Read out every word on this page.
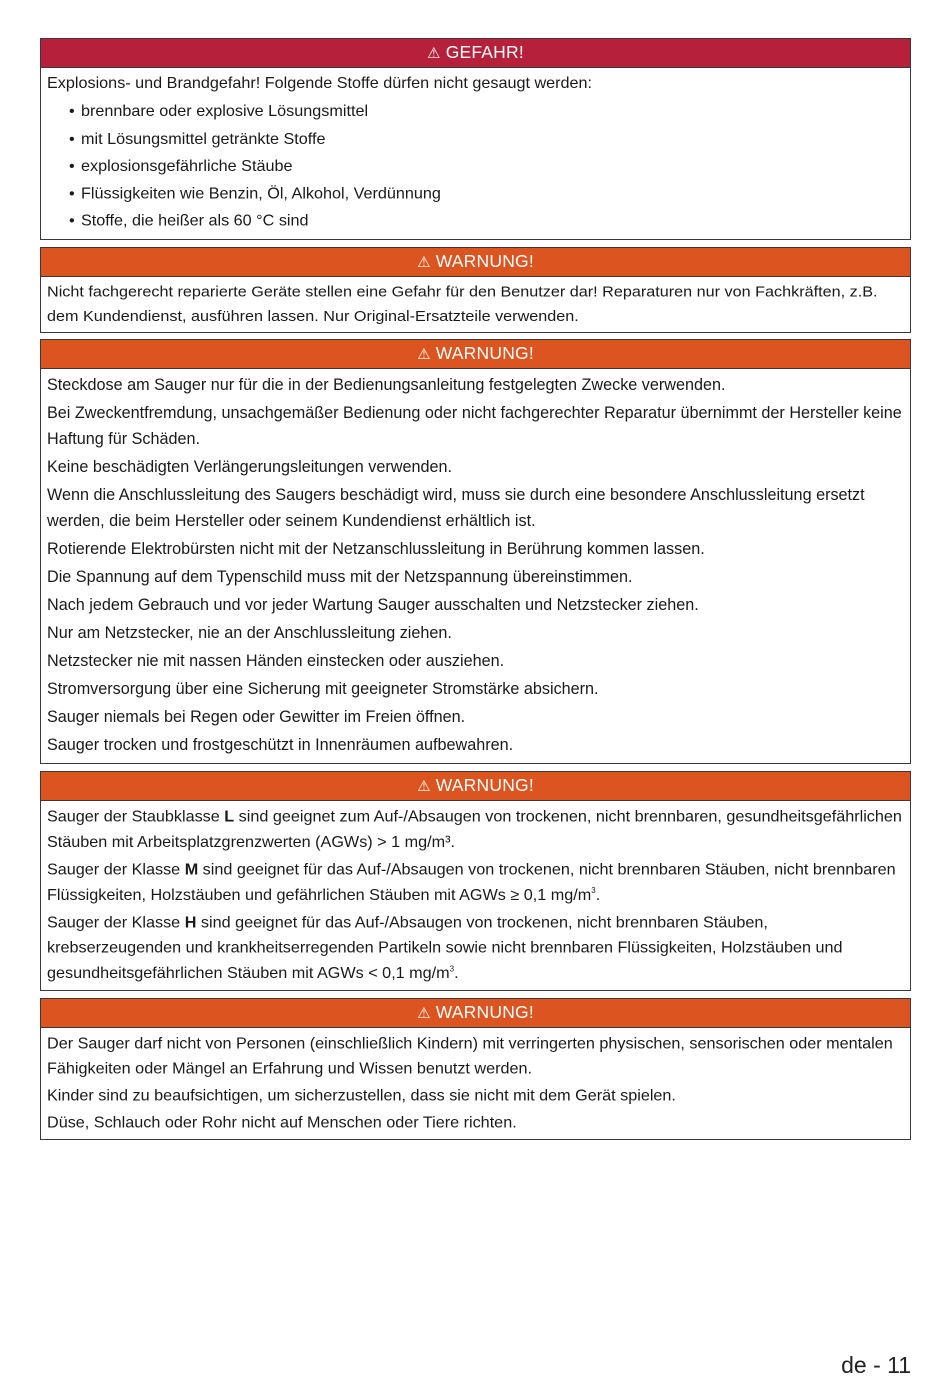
⚠ GEFAHR!

Explosions- und Brandgefahr! Folgende Stoffe dürfen nicht gesaugt werden:

• brennbare oder explosive Lösungsmittel
• mit Lösungsmittel getränkte Stoffe
• explosionsgefährliche Stäube
• Flüssigkeiten wie Benzin, Öl, Alkohol, Verdünnung
• Stoffe, die heißer als 60 °C sind
⚠ WARNUNG!

Nicht fachgerecht reparierte Geräte stellen eine Gefahr für den Benutzer dar! Reparaturen nur von Fachkräften, z.B. dem Kundendienst, ausführen lassen. Nur Original-Ersatzteile verwenden.

⚠ WARNUNG!

Steckdose am Sauger nur für die in der Bedienungsanleitung festgelegten Zwecke verwenden.

Bei Zweckentfremdung, unsachgemäßer Bedienung oder nicht fachgerechter Reparatur übernimmt der Hersteller keine Haftung für Schäden.

Keine beschädigten Verlängerungsleitungen verwenden.

Wenn die Anschlussleitung des Saugers beschädigt wird, muss sie durch eine besondere Anschlussleitung ersetzt werden, die beim Hersteller oder seinem Kundendienst erhältlich ist.

Rotierende Elektrobürsten nicht mit der Netzanschlussleitung in Berührung kommen lassen.

Die Spannung auf dem Typenschild muss mit der Netzspannung übereinstimmen.

Nach jedem Gebrauch und vor jeder Wartung Sauger ausschalten und Netzstecker ziehen.

Nur am Netzstecker, nie an der Anschlussleitung ziehen.

Netzstecker nie mit nassen Händen einstecken oder ausziehen.

Stromversorgung über eine Sicherung mit geeigneter Stromstärke absichern.

Sauger niemals bei Regen oder Gewitter im Freien öffnen.

Sauger trocken und frostgeschützt in Innenräumen aufbewahren.

⚠ WARNUNG!

Sauger der Staubklasse L sind geeignet zum Auf-/Absaugen von trockenen, nicht brennbaren, gesundheitsgefährlichen Stäuben mit Arbeitsplatzgrenzwerten (AGWs) > 1 mg/m³.

Sauger der Klasse M sind geeignet für das Auf-/Absaugen von trockenen, nicht brennbaren Stäuben, nicht brennbaren Flüssigkeiten, Holzstäuben und gefährlichen Stäuben mit AGWs ≥ 0,1 $mg/m^3$.

Sauger der Klasse H sind geeignet für das Auf-/Absaugen von trockenen, nicht brennbaren Stäuben, krebserzeugenden und krankheitserregenden Partikeln sowie nicht brennbaren Flüssigkeiten, Holzstäuben und gesundheitsgefährlichen Stäuben mit AGWs < 0,1 $mg/m^3$.

⚠ WARNUNG!

Der Sauger darf nicht von Personen (einschließlich Kindern) mit verringerten physischen, sensorischen oder mentalen Fähigkeiten oder Mängel an Erfahrung und Wissen benutzt werden.

Kinder sind zu beaufsichtigen, um sicherzustellen, dass sie nicht mit dem Gerät spielen.

Düse, Schlauch oder Rohr nicht auf Menschen oder Tiere richten.

de - 11
